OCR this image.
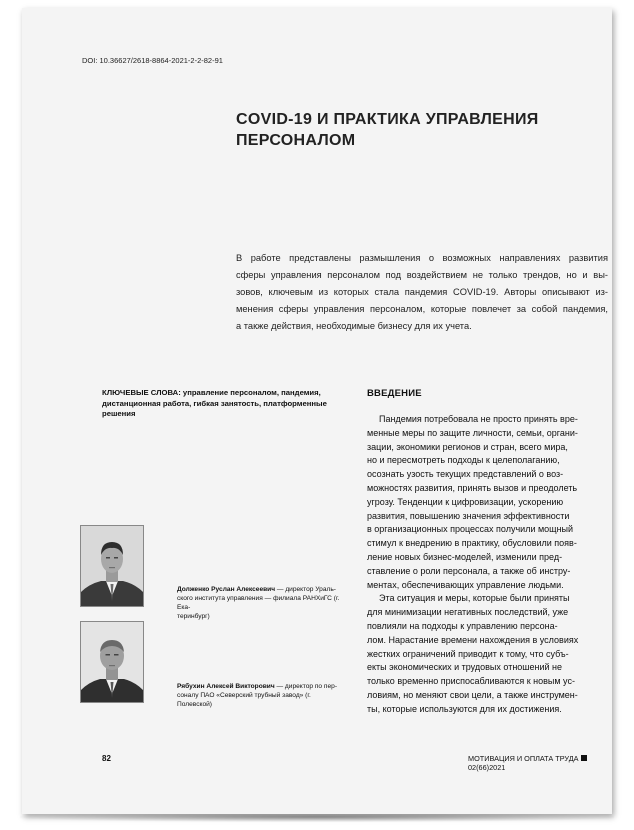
DOI: 10.36627/2618-8864-2021-2-2-82-91
COVID-19 И ПРАКТИКА УПРАВЛЕНИЯ
ПЕРСОНАЛОМ
В работе представлены размышления о возможных направлениях развития
сферы управления персоналом под воздействием не только трендов, но и вы-
зовов, ключевым из которых стала пандемия COVID-19. Авторы описывают из-
менения сферы управления персоналом, которые повлечет за собой пандемия,
а также действия, необходимые бизнесу для их учета.
КЛЮЧЕВЫЕ СЛОВА: управление персоналом, пандемия,
дистанционная работа, гибкая занятость, платформенные
решения
ВВЕДЕНИЕ
Пандемия потребовала не просто принять вре-
менные меры по защите личности, семьи, органи-
зации, экономики регионов и стран, всего мира,
но и пересмотреть подходы к целеполаганию,
осознать узость текущих представлений о воз-
можностях развития, принять вызов и преодолеть
угрозу. Тенденции к цифровизации, ускорению
развития, повышению значения эффективности
в организационных процессах получили мощный
стимул к внедрению в практику, обусловили появ-
ление новых бизнес-моделей, изменили пред-
ставление о роли персонала, а также об инстру-
ментах, обеспечивающих управление людьми.
Эта ситуация и меры, которые были приняты
для минимизации негативных последствий, уже
повлияли на подходы к управлению персона-
лом. Нарастание времени нахождения в условиях
жестких ограничений приводит к тому, что субъ-
екты экономических и трудовых отношений не
только временно приспосабливаются к новым ус-
ловиям, но меняют свои цели, а также инструмен-
ты, которые используются для их достижения.
Долженко Руслан Алексеевич — директор Ураль-
ского института управления — филиала РАНХиГС (г. Ека-
теринбург)
Рябухин Алексей Викторович — директор по пер-
соналу ПАО «Северский трубный завод» (г. Полевской)
82	МОТИВАЦИЯ И ОПЛАТА ТРУДА02(66)2021
